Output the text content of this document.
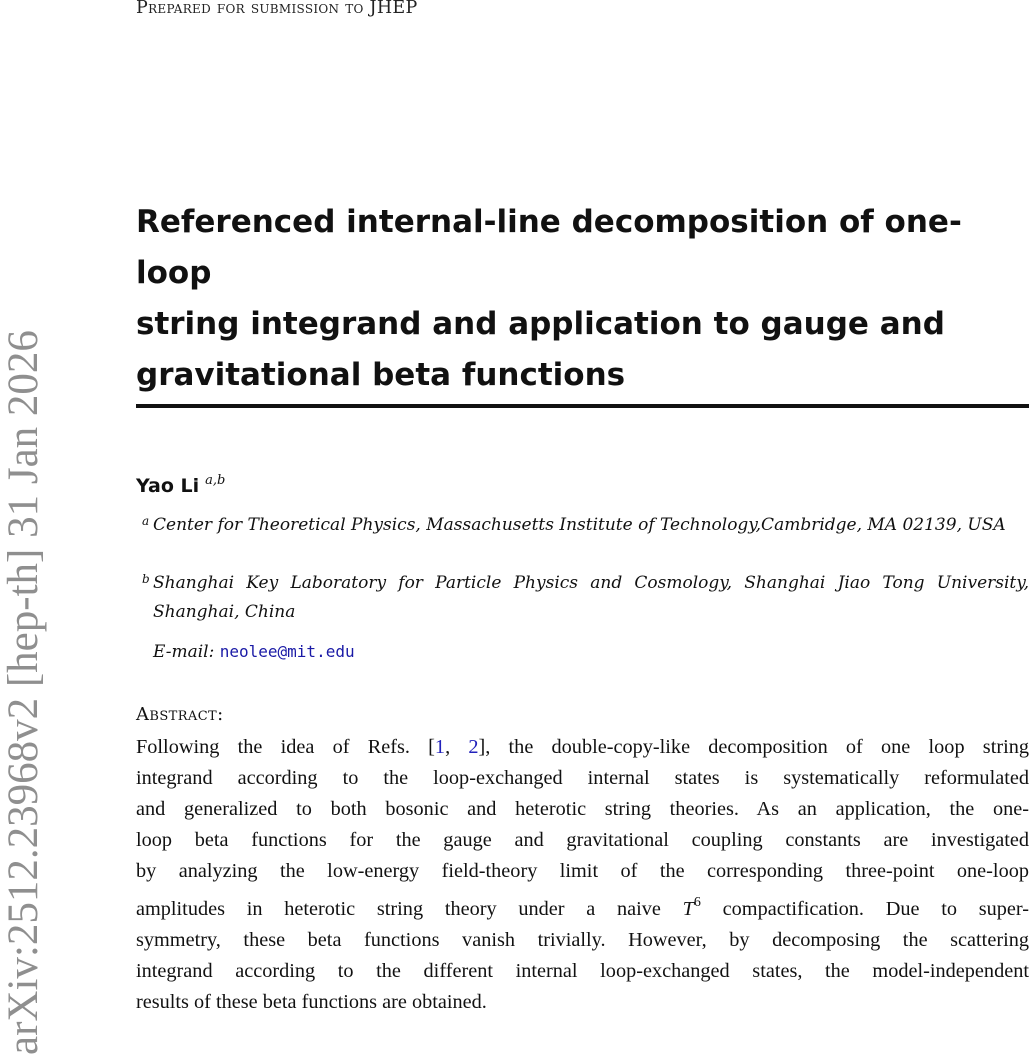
Prepared for submission to JHEP
arXiv:2512.23968v2 [hep-th] 31 Jan 2026
Referenced internal-line decomposition of one-loop
string integrand and application to gauge and
gravitational beta functions
Yao Li $^{a,b}$
a Center for Theoretical Physics, Massachusetts Institute of Technology,Cambridge, MA 02139, USA
b Shanghai Key Laboratory for Particle Physics and Cosmology, Shanghai Jiao Tong University, Shanghai, China
E-mail: neolee@mit.edu
Abstract:
Following the idea of Refs. [1, 2], the double-copy-like decomposition of one loop string
integrand according to the loop-exchanged internal states is systematically reformulated
and generalized to both bosonic and heterotic string theories. As an application, the one-
loop beta functions for the gauge and gravitational coupling constants are investigated
by analyzing the low-energy field-theory limit of the corresponding three-point one-loop
amplitudes in heterotic string theory under a naive $T^6$ compactification. Due to super-
symmetry, these beta functions vanish trivially. However, by decomposing the scattering
integrand according to the different internal loop-exchanged states, the model-independent
results of these beta functions are obtained.
